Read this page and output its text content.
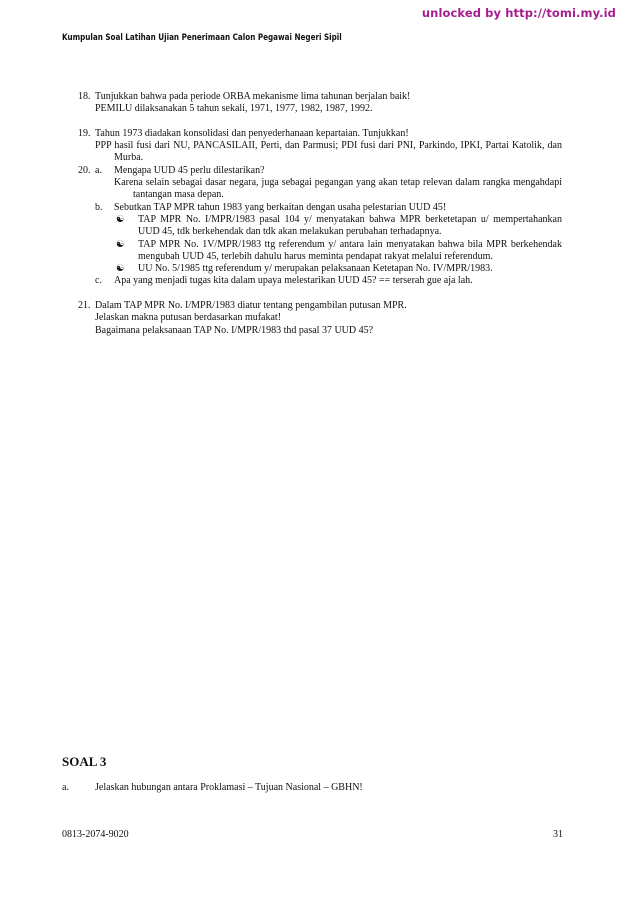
unlocked by http://tomi.my.id
Kumpulan Soal Latihan Ujian Penerimaan Calon Pegawai Negeri Sipil
18. Tunjukkan bahwa pada periode ORBA mekanisme lima tahunan berjalan baik!
PEMILU dilaksanakan 5 tahun sekali, 1971, 1977, 1982, 1987, 1992.
19. Tahun 1973 diadakan konsolidasi dan penyederhanaan kepartaian. Tunjukkan!
PPP hasil fusi dari NU, PANCASILAII, Perti, dan Parmusi; PDI fusi dari PNI, Parkindo, IPKI, Partai Katolik, dan Murba.
20. a. Mengapa UUD 45 perlu dilestarikan?
Karena selain sebagai dasar negara, juga sebagai pegangan yang akan tetap relevan dalam rangka mengahdapi tantangan masa depan.
b. Sebutkan TAP MPR tahun 1983 yang berkaitan dengan usaha pelestarian UUD 45!
☯ TAP MPR No. I/MPR/1983 pasal 104 y/ menyatakan bahwa MPR berketetapan u/ mempertahankan UUD 45, tdk berkehendak dan tdk akan melakukan perubahan terhadapnya.
☯ TAP MPR No. 1V/MPR/1983 ttg referendum y/ antara lain menyatakan bahwa bila MPR berkehendak mengubah UUD 45, terlebih dahulu harus meminta pendapat rakyat melalui referendum.
☯ UU No. 5/1985 ttg referendum y/ merupakan pelaksanaan Ketetapan No. IV/MPR/1983.
c. Apa yang menjadi tugas kita dalam upaya melestarikan UUD 45? == terserah gue aja lah.
21. Dalam TAP MPR No. I/MPR/1983 diatur tentang pengambilan putusan MPR.
Jelaskan makna putusan berdasarkan mufakat!
Bagaimana pelaksanaan TAP No. I/MPR/1983 thd pasal 37 UUD 45?
SOAL 3
a.	Jelaskan hubungan antara Proklamasi – Tujuan Nasional – GBHN!
0813-2074-9020	31
